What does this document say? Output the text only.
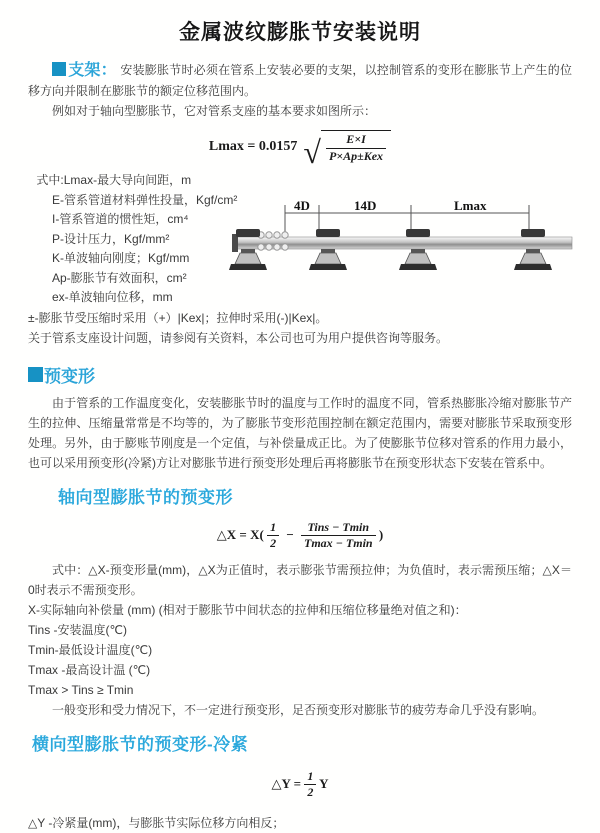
金属波纹膨胀节安装说明

支架： 安装膨胀节时必须在管系上安装必要的支架，以控制管系的变形在膨胀节上产生的位移方向并限制在膨胀节的额定位移范围内。

例如对于轴向型膨胀节，它对管系支座的基本要求如图所示：

Lmax = 0.0157 √ $\frac{E\times I}{\text{P×Ap±Kex}}$
式中:Lmax-最大导向间距，m
E-管系管道材料弹性投量，Kgf/cm²
I-管系管道的惯性矩，cm⁴
P-设计压力，Kgf/mm²
K-单波轴向刚度；Kgf/mm
Ap-膨胀节有效面积，cm²
ex-单波轴向位移，mm
4D	14D	Lmax

±-膨胀节受压缩时采用（+）|Kex|；拉伸时采用(-)|Kex|。

关于管系支座设计问题，请参阅有关资料，本公司也可为用户提供咨询等服务。

预变形

由于管系的工作温度变化，安装膨胀节时的温度与工作时的温度不同，管系热膨胀冷缩对膨胀节产生的拉伸、压缩量常常是不均等的，为了膨胀节变形范围控制在额定范围内，需要对膨胀节采取预变形处理。另外，由于膨账节刚度是一个定值，与补偿量成正比。为了使膨胀节位移对管系的作用力最小，也可以采用预变形(冷紧)方让对膨胀节进行预变形处理后再将膨胀节在预变形状态下安装在管系中。

轴向型膨胀节的预变形
△X = $X( \frac{1}{2} - \frac{\text{Tins − Tmin}}{Tmax - Tmin}$ )

式中：△X-预变形量(mm)，△X为正值时，表示膨张节需预拉伸；为负值时，表示需预压缩；△X＝0时表示不需预变形。

X-实际轴向补偿量 (mm) (相对于膨胀节中间状态的拉伸和压缩位移量绝对值之和)：

Tins -安装温度(℃)

Tmin-最低设计温度(℃)

Tmax -最高设计温 (℃)

Tmax > Tins ≥ Tmin

一般变形和受力情况下，不一定进行预变形，足否预变形对膨胀节的疲劳寿命几乎没有影响。

横向型膨胀节的预变形-冷紧
△Y = $\frac{1}{2}$ Y

△Y -冷紧量(mm)，与膨胀节实际位移方向相反；
